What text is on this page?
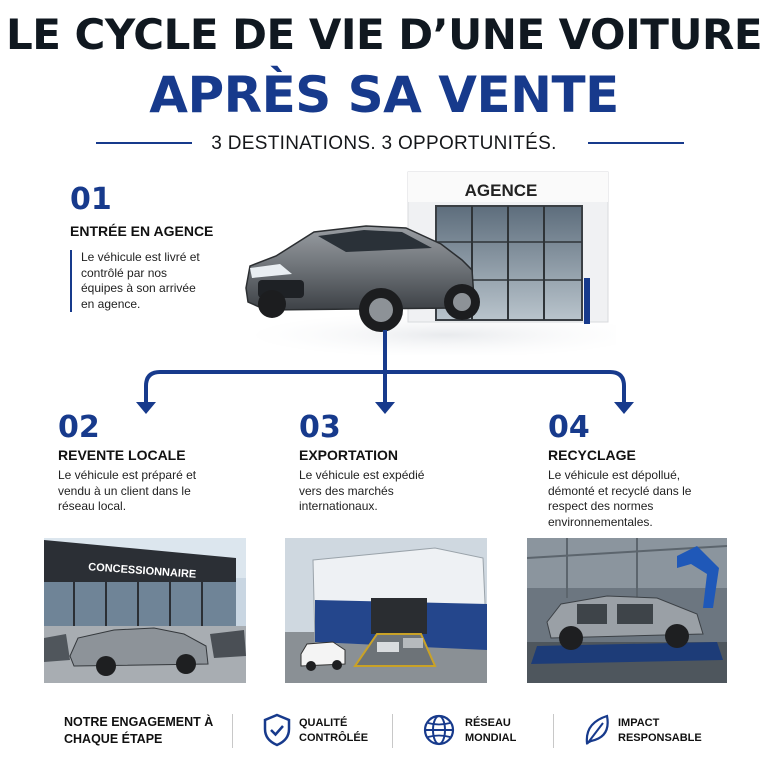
LE CYCLE DE VIE D’UNE VOITURE
APRÈS SA VENTE
3 DESTINATIONS. 3 OPPORTUNITÉS.
01
ENTRÉE EN AGENCE
Le véhicule est livré et contrôlé par nos équipes à son arrivée en agence.
AGENCE
02
REVENTE LOCALE
Le véhicule est préparé et vendu à un client dans le réseau local.
03
EXPORTATION
Le véhicule est expédié vers des marchés internationaux.
04
RECYCLAGE
Le véhicule est dépollué, démonté et recyclé dans le respect des normes environnementales.
CONCESSIONNAIRE
NOTRE ENGAGEMENT À CHAQUE ÉTAPE
QUALITÉ CONTRÔLÉE
RÉSEAU MONDIAL
IMPACT RESPONSABLE
